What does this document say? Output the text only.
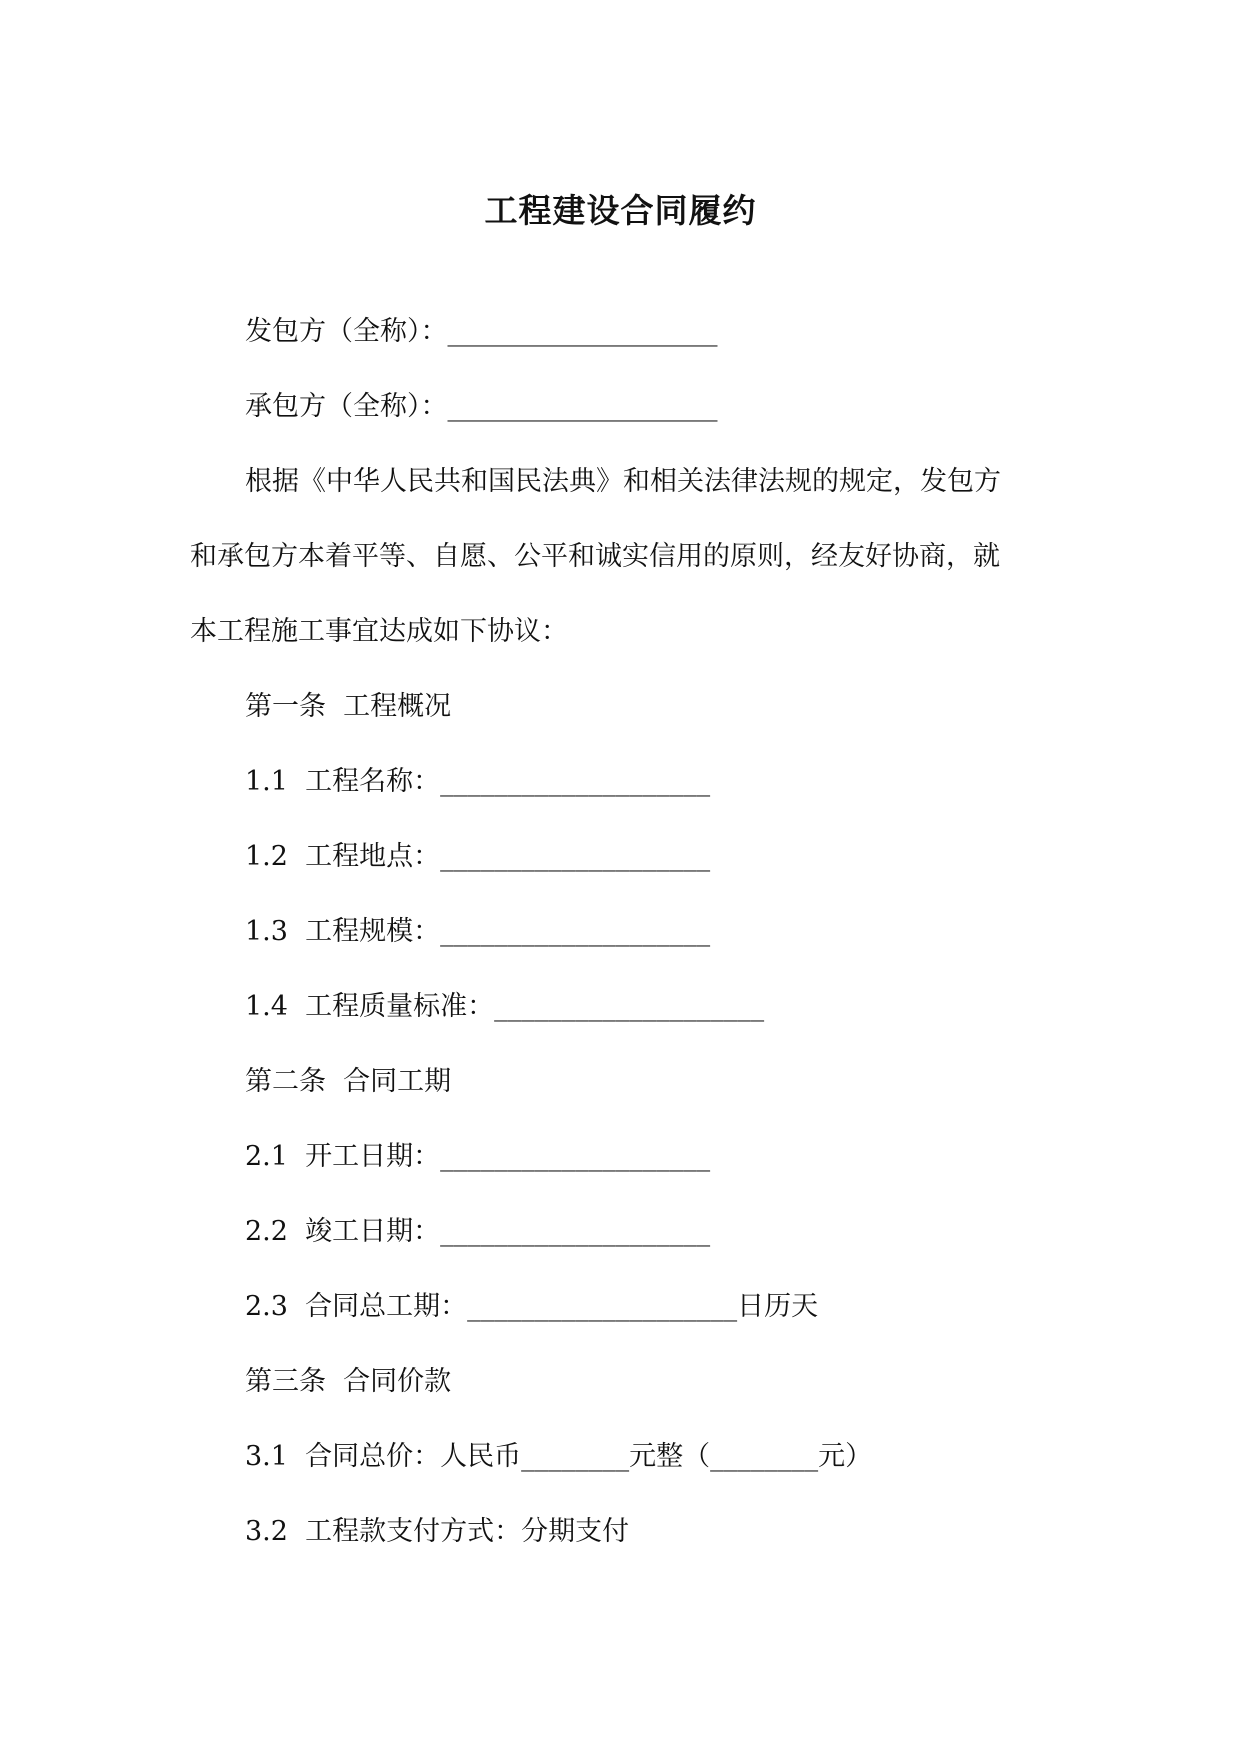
工程建设合同履约
发包方（全称）：____________________
承包方（全称）：____________________
根据《中华人民共和国民法典》和相关法律法规的规定，发包方
和承包方本着平等、自愿、公平和诚实信用的原则，经友好协商，就
本工程施工事宜达成如下协议：
第一条  工程概况
1.1  工程名称：____________________
1.2  工程地点：____________________
1.3  工程规模：____________________
1.4  工程质量标准：____________________
第二条  合同工期
2.1  开工日期：____________________
2.2  竣工日期：____________________
2.3  合同总工期：____________________日历天
第三条  合同价款
3.1  合同总价：人民币________元整（________元）
3.2  工程款支付方式：分期支付
